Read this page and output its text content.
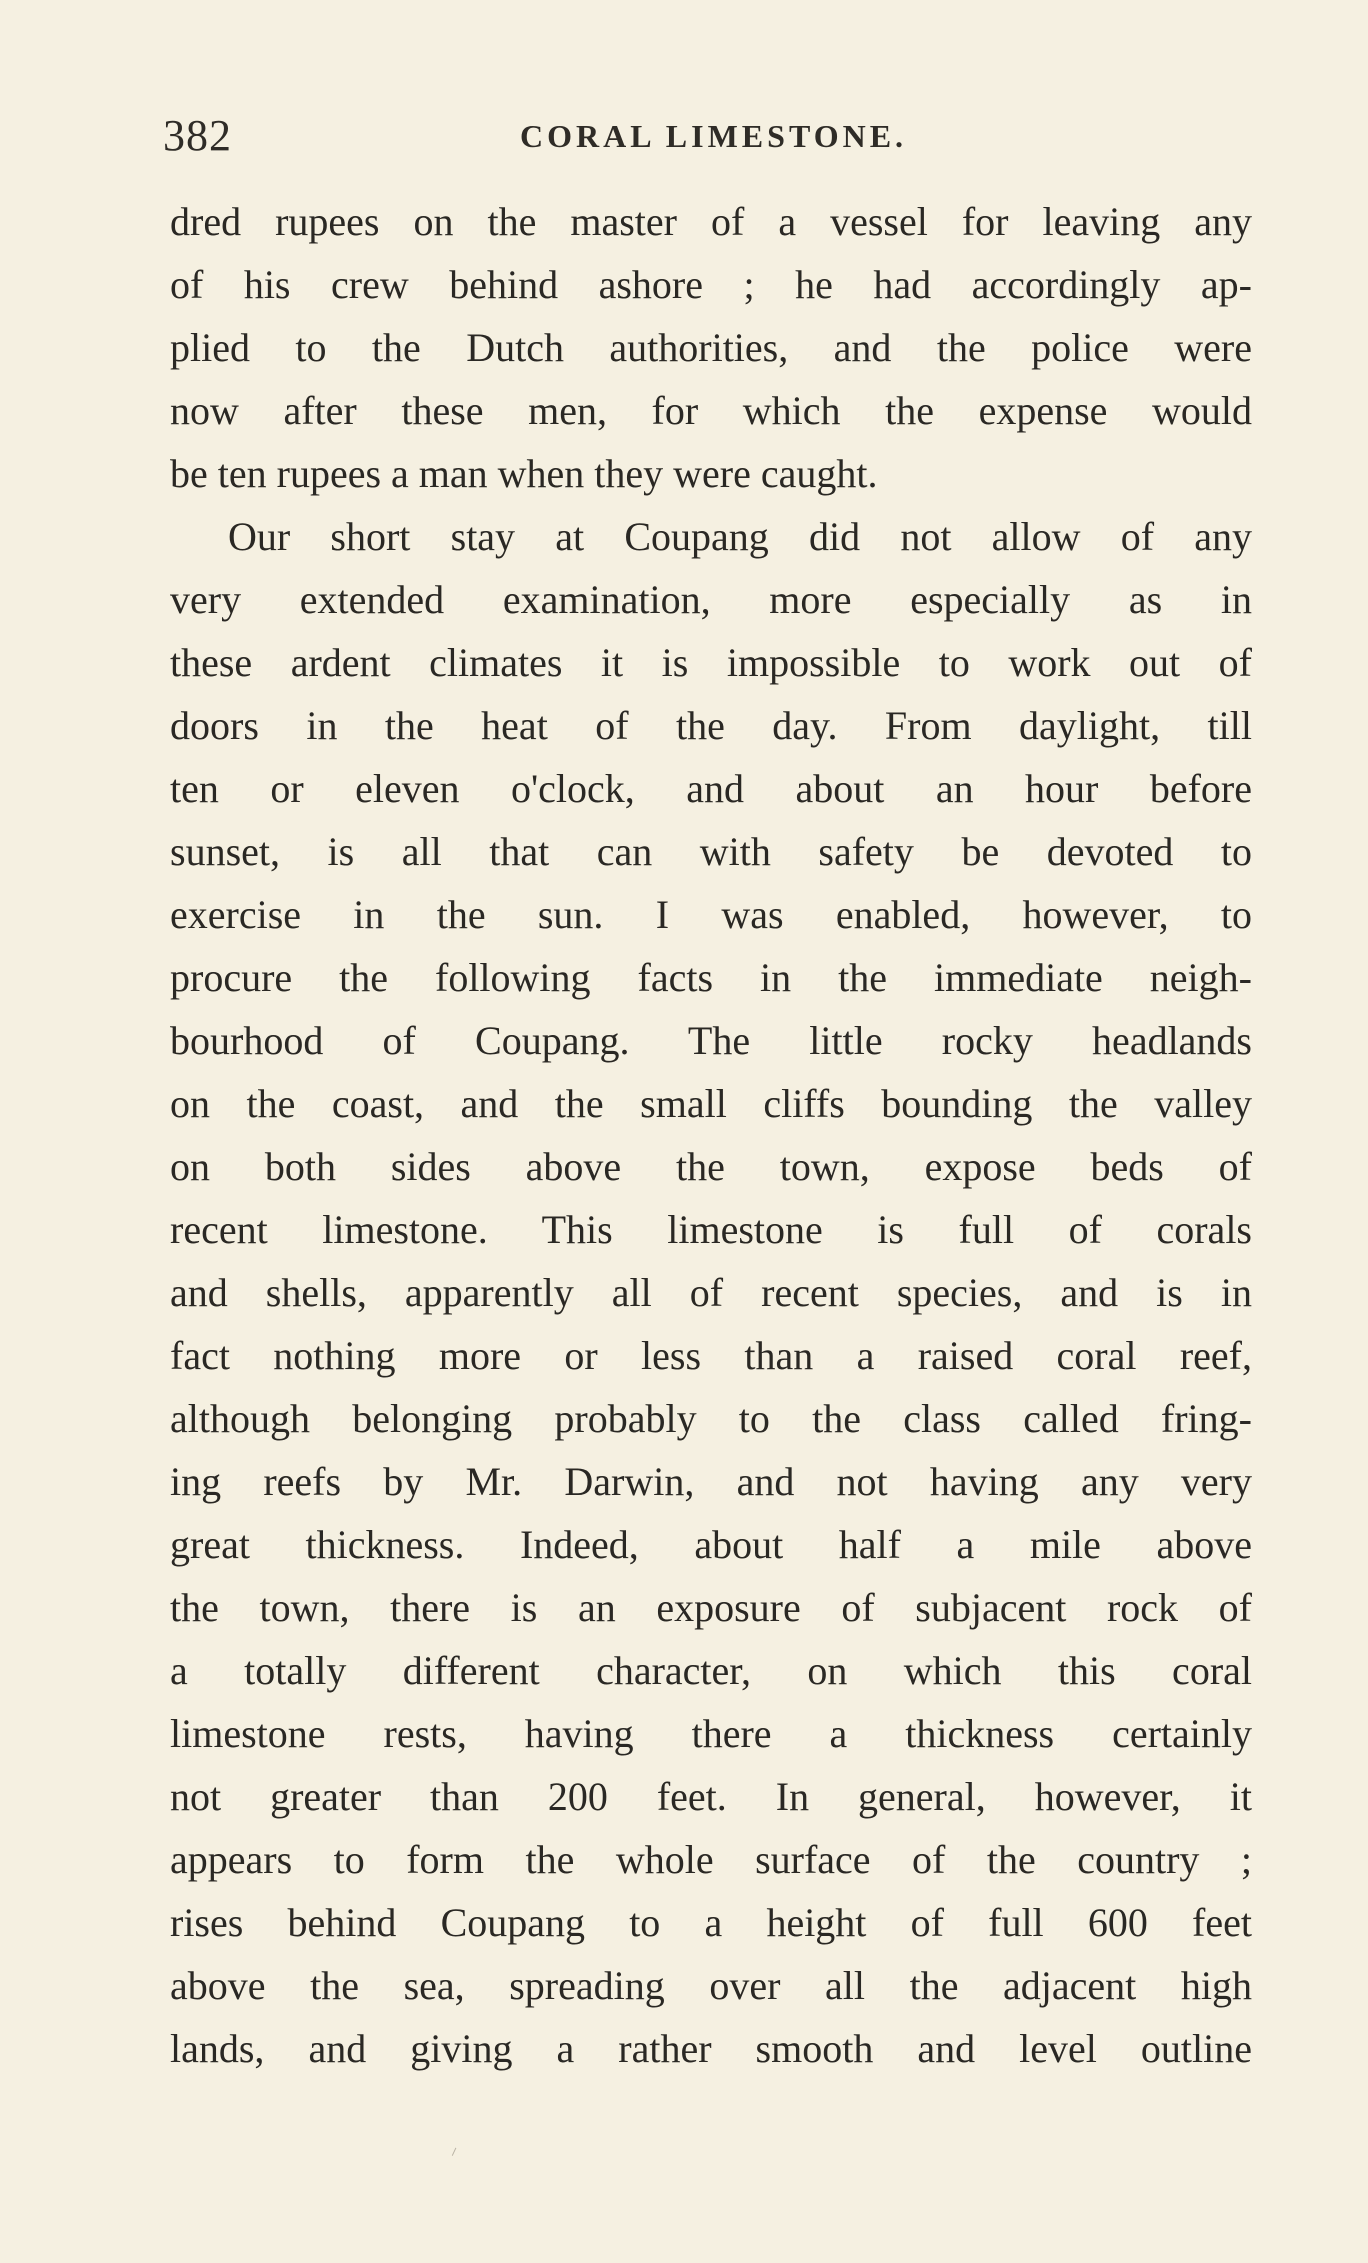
382	CORAL LIMESTONE.
dred rupees on the master of a vessel for leaving any
of his crew behind ashore ; he had accordingly ap-
plied to the Dutch authorities, and the police were
now after these men, for which the expense would
be ten rupees a man when they were caught.
Our short stay at Coupang did not allow of any
very extended examination, more especially as in
these ardent climates it is impossible to work out of
doors in the heat of the day. From daylight, till
ten or eleven o'clock, and about an hour before
sunset, is all that can with safety be devoted to
exercise in the sun. I was enabled, however, to
procure the following facts in the immediate neigh-
bourhood of Coupang. The little rocky headlands
on the coast, and the small cliffs bounding the valley
on both sides above the town, expose beds of
recent limestone. This limestone is full of corals
and shells, apparently all of recent species, and is in
fact nothing more or less than a raised coral reef,
although belonging probably to the class called fring-
ing reefs by Mr. Darwin, and not having any very
great thickness. Indeed, about half a mile above
the town, there is an exposure of subjacent rock of
a totally different character, on which this coral
limestone rests, having there a thickness certainly
not greater than 200 feet. In general, however, it
appears to form the whole surface of the country ;
rises behind Coupang to a height of full 600 feet
above the sea, spreading over all the adjacent high
lands, and giving a rather smooth and level outline
⸝
